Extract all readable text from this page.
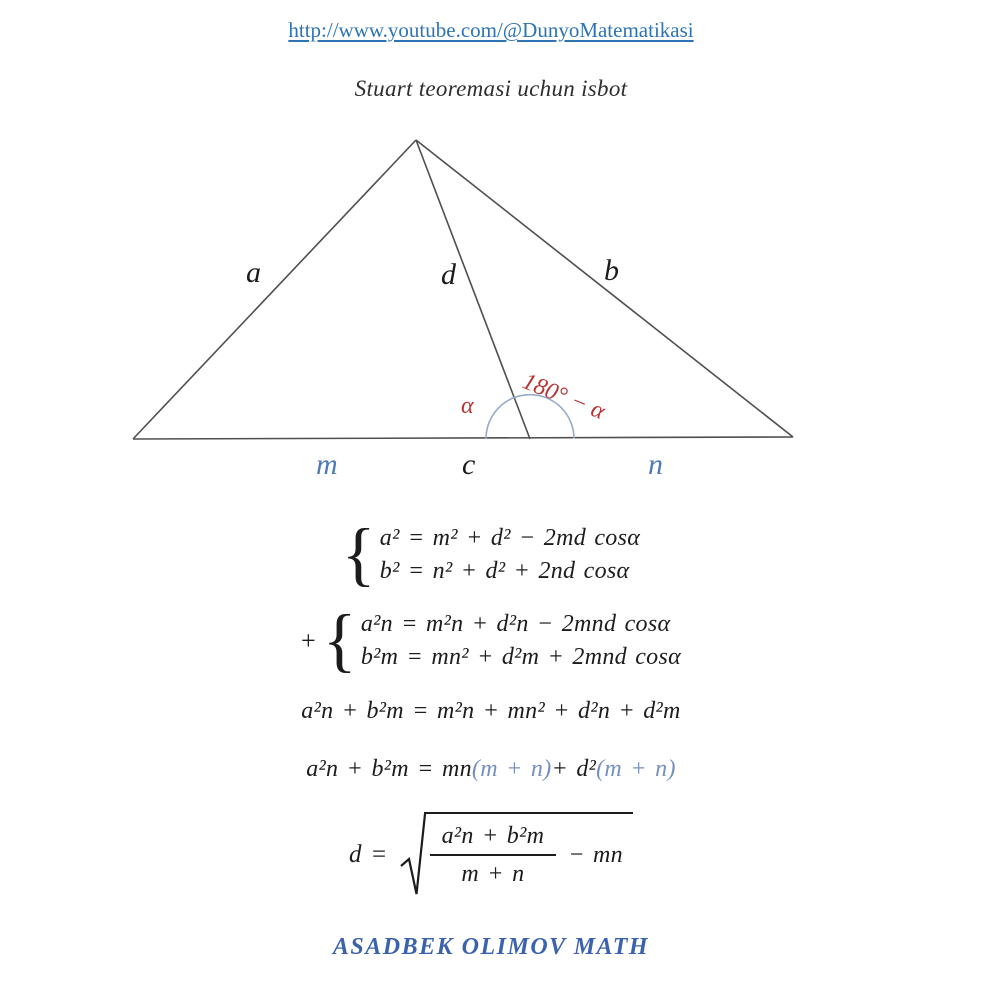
http://www.youtube.com/@DunyoMatematikasi
Stuart teoremasi uchun isbot
a	d	b
m	c	n
α 180° − α
{ a² = m² + d² − 2md cosα
b² = n² + d² + 2nd cosα
+ { a²n = m²n + d²n − 2mnd cosα
b²m = mn² + d²m + 2mnd cosα
a²n + b²m = m²n + mn² + d²n + d²m
a²n + b²m = mn (m + n) + d² (m + n)
$d = \frac{\text{a²n + b²m}}{m + n}$ − mn
ASADBEK OLIMOV MATH
